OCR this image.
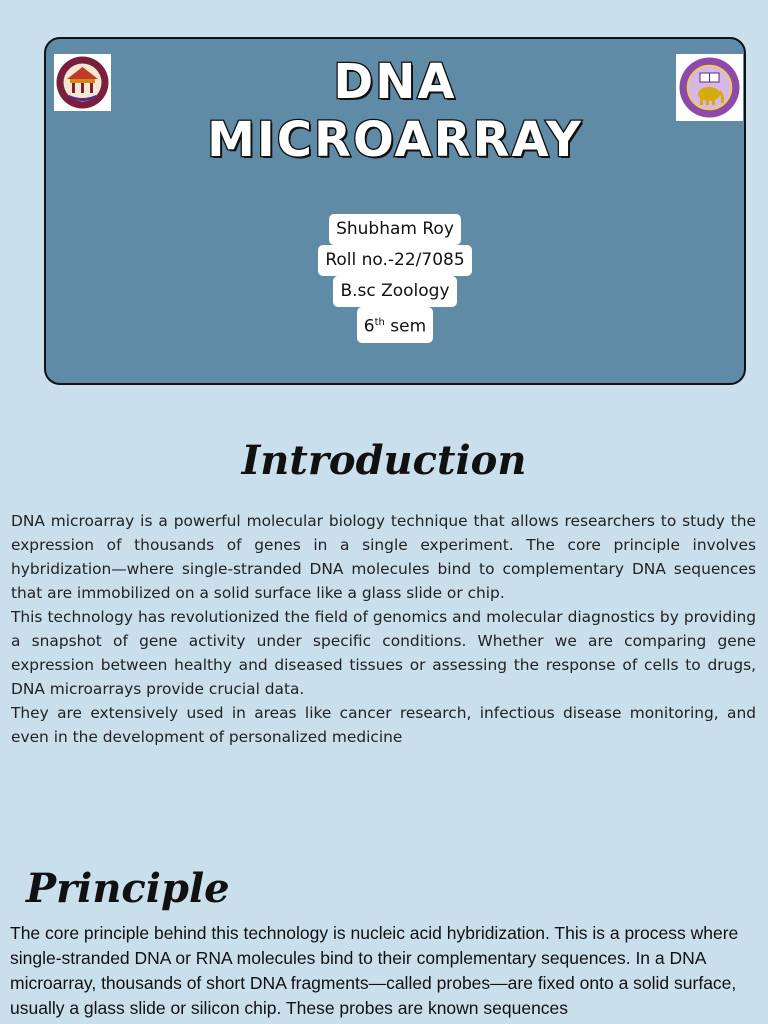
DNA
MICROARRAY
Shubham Roy
Roll no.-22/7085
B.sc Zoology
6th sem
Introduction

DNA microarray is a powerful molecular biology technique that allows researchers to study the expression of thousands of genes in a single experiment. The core principle involves hybridization—where single-stranded DNA molecules bind to complementary DNA sequences that are immobilized on a solid surface like a glass slide or chip.

This technology has revolutionized the field of genomics and molecular diagnostics by providing a snapshot of gene activity under specific conditions. Whether we are comparing gene expression between healthy and diseased tissues or assessing the response of cells to drugs, DNA microarrays provide crucial data.

They are extensively used in areas like cancer research, infectious disease monitoring, and even in the development of personalized medicine

Principle

The core principle behind this technology is nucleic acid hybridization. This is a process where single-stranded DNA or RNA molecules bind to their complementary sequences. In a DNA microarray, thousands of short DNA fragments—called probes—are fixed onto a solid surface, usually a glass slide or silicon chip. These probes are known sequences
